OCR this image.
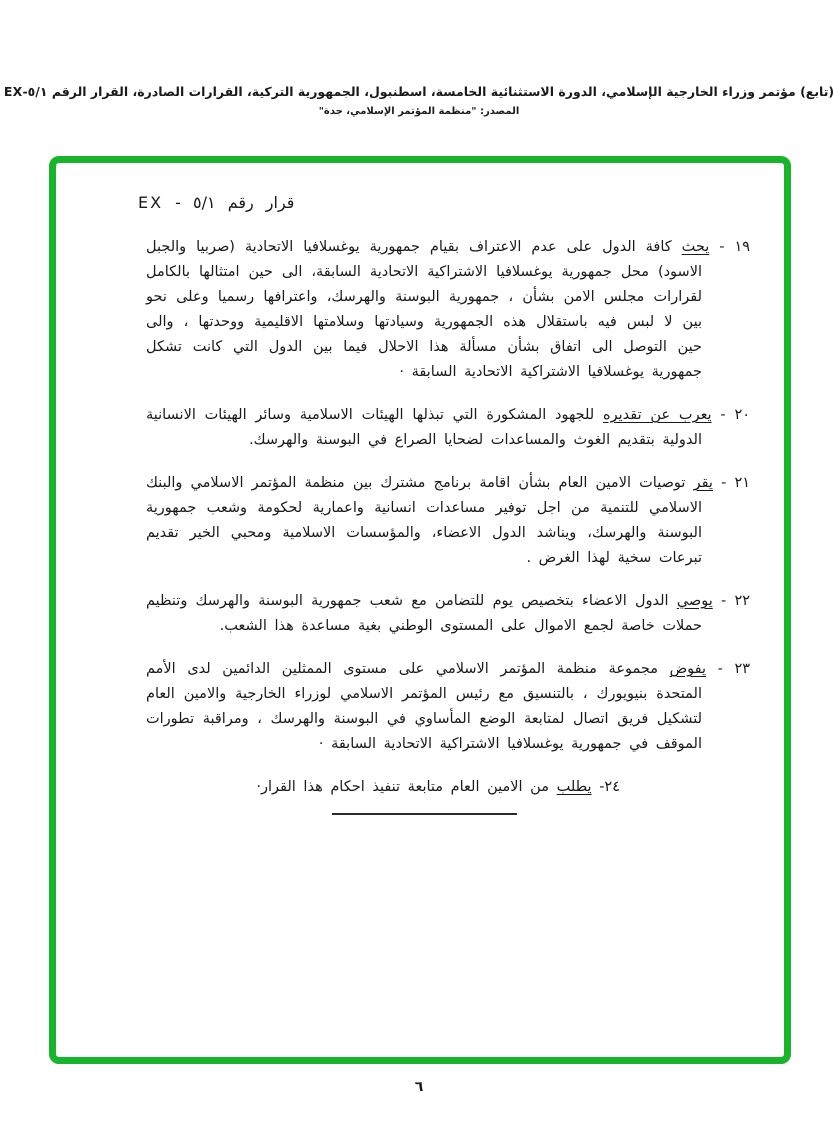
(تابع) مؤتمر وزراء الخارجية الإسلامي، الدورة الاستثنائية الخامسة، اسطنبول، الجمهورية التركية، القرارات الصادرة، القرار الرقم ٥/١-EX
المصدر: "منظمة المؤتمر الإسلامي، جدة"
قرار رقم ٥/١ - EX

١٩ - يحث كافة الدول على عدم الاعتراف بقيام جمهورية يوغسلافيا الاتحادية (صربيا والجبل الاسود) محل جمهورية يوغسلافيا الاشتراكية الاتحادية السابقة، الى حين امتثالها بالكامل لقرارات مجلس الامن بشأن ، جمهورية البوسنة والهرسك، واعترافها رسميا وعلى نحو بين لا لبس فيه باستقلال هذه الجمهورية وسيادتها وسلامتها الاقليمية ووحدتها ، والى حين التوصل الى اتفاق بشأن مسألة هذا الاحلال فيما بين الدول التي كانت تشكل جمهورية يوغسلافيا الاشتراكية الاتحادية السابقة ·

٢٠ - يعرب عن تقديره للجهود المشكورة التي تبذلها الهيئات الاسلامية وسائر الهيئات الانسانية الدولية بتقديم الغوث والمساعدات لضحايا الصراع في البوسنة والهرسك.

٢١ - يقر توصيات الامين العام بشأن اقامة برنامج مشترك بين منظمة المؤتمر الاسلامي والبنك الاسلامي للتنمية من اجل توفير مساعدات انسانية واعمارية لحكومة وشعب جمهورية البوسنة والهرسك، ويناشد الدول الاعضاء، والمؤسسات الاسلامية ومحبي الخير تقديم تبرعات سخية لهذا الغرض .

٢٢ - يوصي الدول الاعضاء بتخصيص يوم للتضامن مع شعب جمهورية البوسنة والهرسك وتنظيم حملات خاصة لجمع الاموال على المستوى الوطني بغية مساعدة هذا الشعب.

٢٣ - يفوض مجموعة منظمة المؤتمر الاسلامي على مستوى الممثلين الدائمين لدى الأمم المتحدة بنيويورك ، بالتنسيق مع رئيس المؤتمر الاسلامي لوزراء الخارجية والامين العام لتشكيل فريق اتصال لمتابعة الوضع المأساوي في البوسنة والهرسك ، ومراقبة تطورات الموقف في جمهورية يوغسلافيا الاشتراكية الاتحادية السابقة ·

٢٤- يطلب من الامين العام متابعة تنفيذ احكام هذا القرار·

٦
